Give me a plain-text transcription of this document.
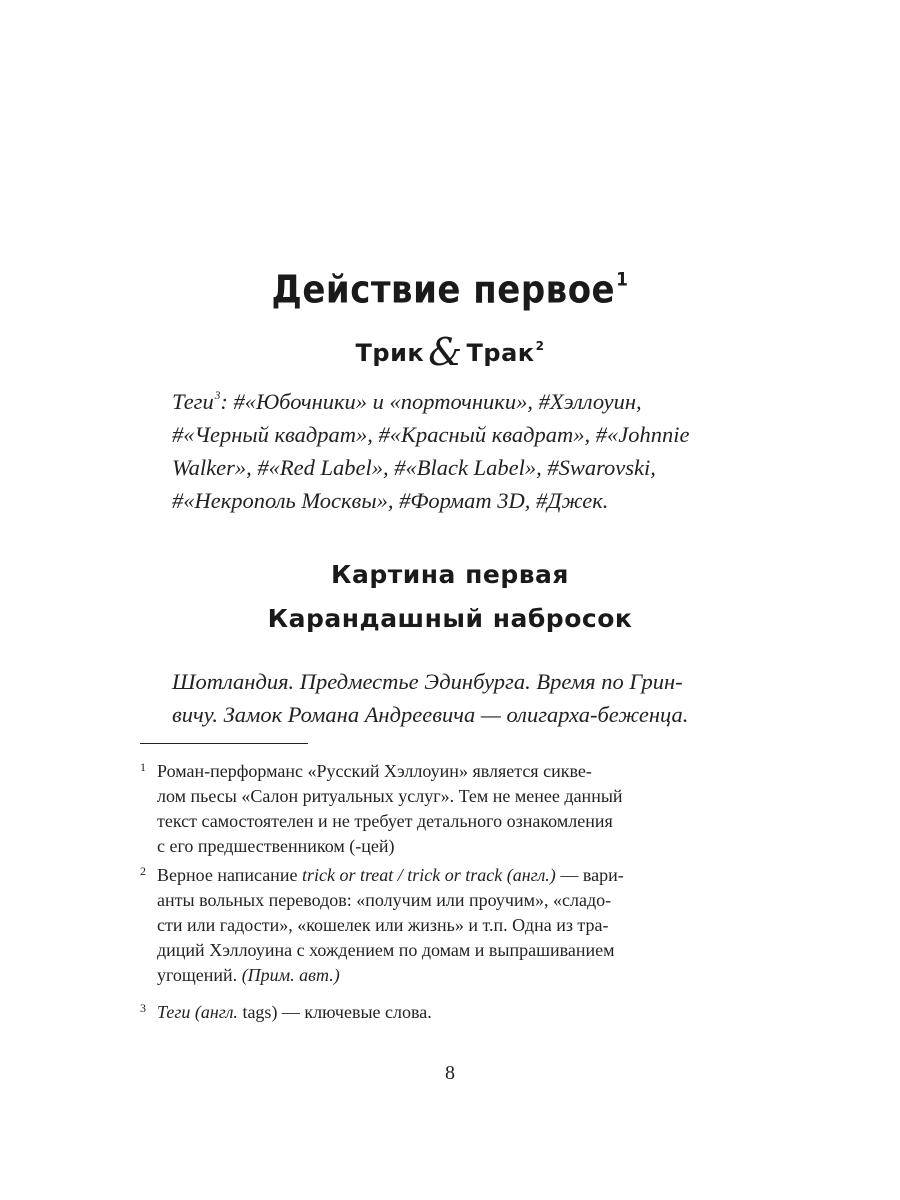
Действие первое$^1$
Трик & Трак$^2$
Теги$^3$: #«Юбочники» и «порточники», #Хэллоуин,
#«Черный квадрат», #«Красный квадрат», #«Johnnie
Walker», #«Red Label», #«Black Label», #Swarovski,
#«Некрополь Москвы», #Формат 3D, #Джек.
Картина первая
Карандашный набросок
Шотландия. Предместье Эдинбурга. Время по Грин-
вичу. Замок Романа Андреевича — олигарха-беженца.
1 Роман-перформанс «Русский Хэллоуин» является сикве-
лом пьесы «Салон ритуальных услуг». Тем не менее данный
текст самостоятелен и не требует детального ознакомления
с его предшественником (-цей)
2 Верное написание trick or treat / trick or track (англ.) — вари-
анты вольных переводов: «получим или проучим», «сладо-
сти или гадости», «кошелек или жизнь» и т.п. Одна из тра-
диций Хэллоуина с хождением по домам и выпрашиванием
угощений. (Прим. авт.)
3 Теги (англ. tags) — ключевые слова.
8
